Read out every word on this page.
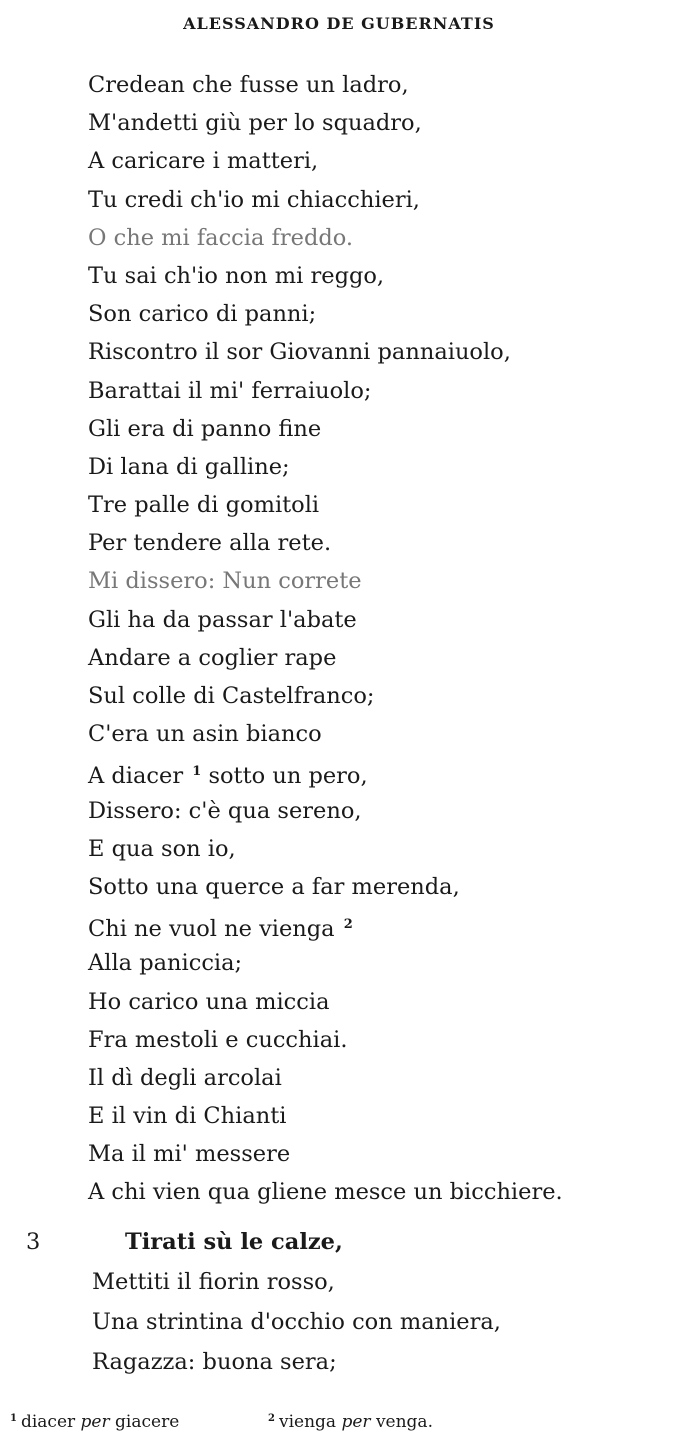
ALESSANDRO DE GUBERNATIS
Credean che fusse un ladro,
M'andetti giù per lo squadro,
A caricare i matteri,
Tu credi ch'io mi chiacchieri,
O che mi faccia freddo.
Tu sai ch'io non mi reggo,
Son carico di panni;
Riscontro il sor Giovanni pannaiuolo,
Barattai il mi' ferraiuolo;
Gli era di panno fine
Di lana di galline;
Tre palle di gomitoli
Per tendere alla rete.
Mi dissero: Nun correte
Gli ha da passar l'abate
Andare a coglier rape
Sul colle di Castelfranco;
C'era un asin bianco
A diacer $^1$ sotto un pero,
Dissero: c'è qua sereno,
E qua son io,
Sotto una querce a far merenda,
Chi ne vuol ne vienga $^2$
Alla paniccia;
Ho carico una miccia
Fra mestoli e cucchiai.
Il dì degli arcolai
E il vin di Chianti
Ma il mi' messere
A chi vien qua gliene mesce un bicchiere.
3	Tirati sù le calze,
Mettiti il fiorin rosso,
Una strintina d'occhio con maniera,
Ragazza: buona sera;
$^1$ diacer per giacere	$^2$ vienga per venga.
